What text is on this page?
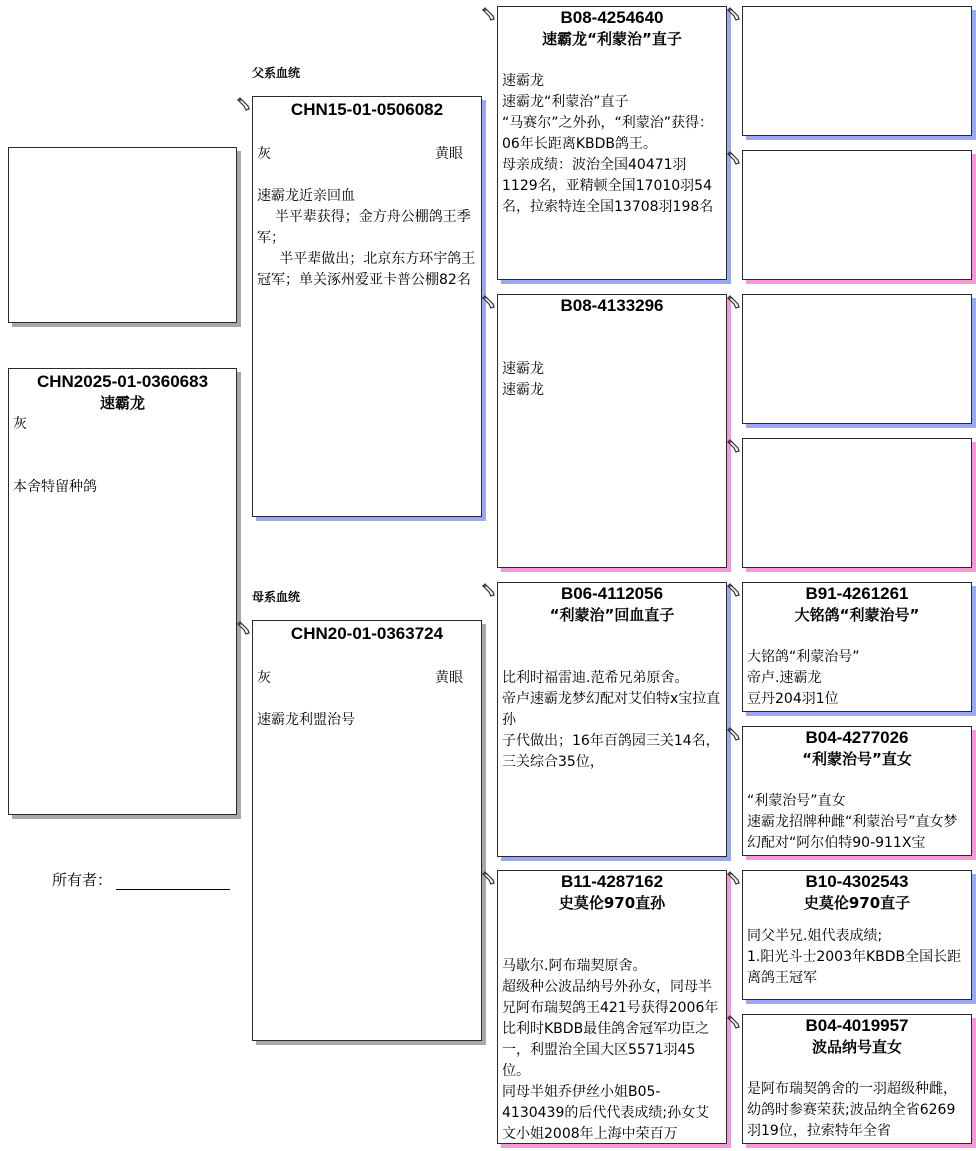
父系血统
母系血统
CHN2025-01-0360683
速霸龙
灰
本舍特留种鸽
所有者：
CHN15-01-0506082
灰	黄眼
速霸龙近亲回血
半平辈获得；金方舟公棚鸽王季军；
半平辈做出；北京东方环宇鸽王冠军；单关涿州爱亚卡普公棚82名
CHN20-01-0363724
灰	黄眼
速霸龙利盟治号
B08-4254640
速霸龙“利蒙治”直子
速霸龙
速霸龙“利蒙治”直子
“马赛尔”之外孙，“利蒙治”获得：06年长距离KBDB鸽王。
母亲成绩：波治全国40471羽1129名，亚精顿全国17010羽54名，拉索特连全国13708羽198名
B08-4133296
速霸龙
速霸龙
B06-4112056
“利蒙治”回血直子
比利时福雷迪.范希兄弟原舍。
帝卢速霸龙梦幻配对艾伯特x宝拉直孙
子代做出；16年百鸽园三关14名，三关综合35位，
B11-4287162
史莫伦970直孙
马歇尔.阿布瑞契原舍。
超级种公波品纳号外孙女，同母半兄阿布瑞契鸽王421号获得2006年比利时KBDB最佳鸽舍冠军功臣之一，利盟治全国大区5571羽45位。
同母半姐乔伊丝小姐B05-4130439的后代代表成绩;孙女艾文小姐2008年上海中荣百万
B91-4261261
大铭鸽“利蒙治号”
大铭鸽“利蒙治号”
帝卢.速霸龙
豆丹204羽1位
B04-4277026
“利蒙治号”直女
“利蒙治号”直女
速霸龙招牌种雌“利蒙治号”直女梦幻配对“阿尔伯特90-911X宝
B10-4302543
史莫伦970直子
同父半兄.姐代表成绩;
1.阳光斗士2003年KBDB全国长距离鸽王冠军
B04-4019957
波品纳号直女
是阿布瑞契鸽舍的一羽超级种雌，幼鸽时参赛荣获;波品纳全省6269羽19位，拉索特年全省
